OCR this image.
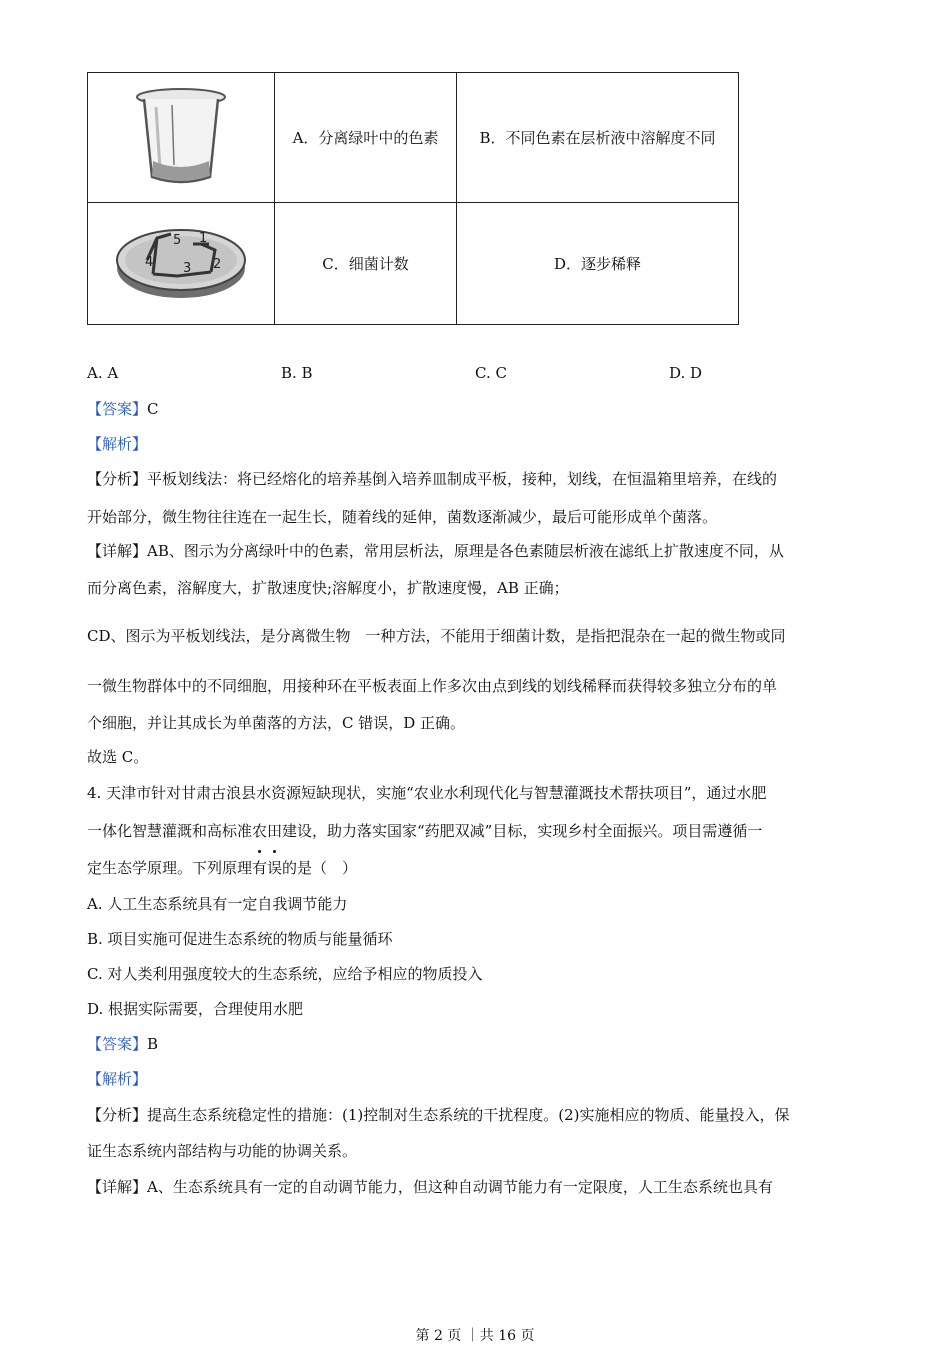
	A．分离绿叶中的色素	B．不同色素在层析液中溶解度不同

5 1
2
3
4	C．细菌计数	D．逐步稀释
A. A	B. B	C. C	D. D
【答案】C
【解析】
【分析】平板划线法：将已经熔化的培养基倒入培养皿制成平板，接种，划线，在恒温箱里培养，在线的
开始部分，微生物往往连在一起生长，随着线的延伸，菌数逐渐减少，最后可能形成单个菌落。
【详解】AB、图示为分离绿叶中的色素，常用层析法，原理是各色素随层析液在滤纸上扩散速度不同，从
而分离色素，溶解度大，扩散速度快;溶解度小，扩散速度慢，AB 正确；
CD、图示为平板划线法，是分离微生物　一种方法，不能用于细菌计数，是指把混杂在一起的微生物或同
一微生物群体中的不同细胞，用接种环在平板表面上作多次由点到线的划线稀释而获得较多独立分布的单
个细胞，并让其成长为单菌落的方法，C 错误，D 正确。
故选 C。
4. 天津市针对甘肃古浪县水资源短缺现状，实施“农业水利现代化与智慧灌溉技术帮扶项目”，通过水肥
一体化智慧灌溉和高标准农田建设，助力落实国家“药肥双减”目标，实现乡村全面振兴。项目需遵循一
定生态学原理。下列原理有误的是（　）
A. 人工生态系统具有一定自我调节能力
B. 项目实施可促进生态系统的物质与能量循环
C. 对人类利用强度较大的生态系统，应给予相应的物质投入
D. 根据实际需要，合理使用水肥
【答案】B
【解析】
【分析】提高生态系统稳定性的措施：(1)控制对生态系统的干扰程度。(2)实施相应的物质、能量投入，保
证生态系统内部结构与功能的协调关系。
【详解】A、生态系统具有一定的自动调节能力，但这种自动调节能力有一定限度，人工生态系统也具有
第 2 页 ｜共 16 页
